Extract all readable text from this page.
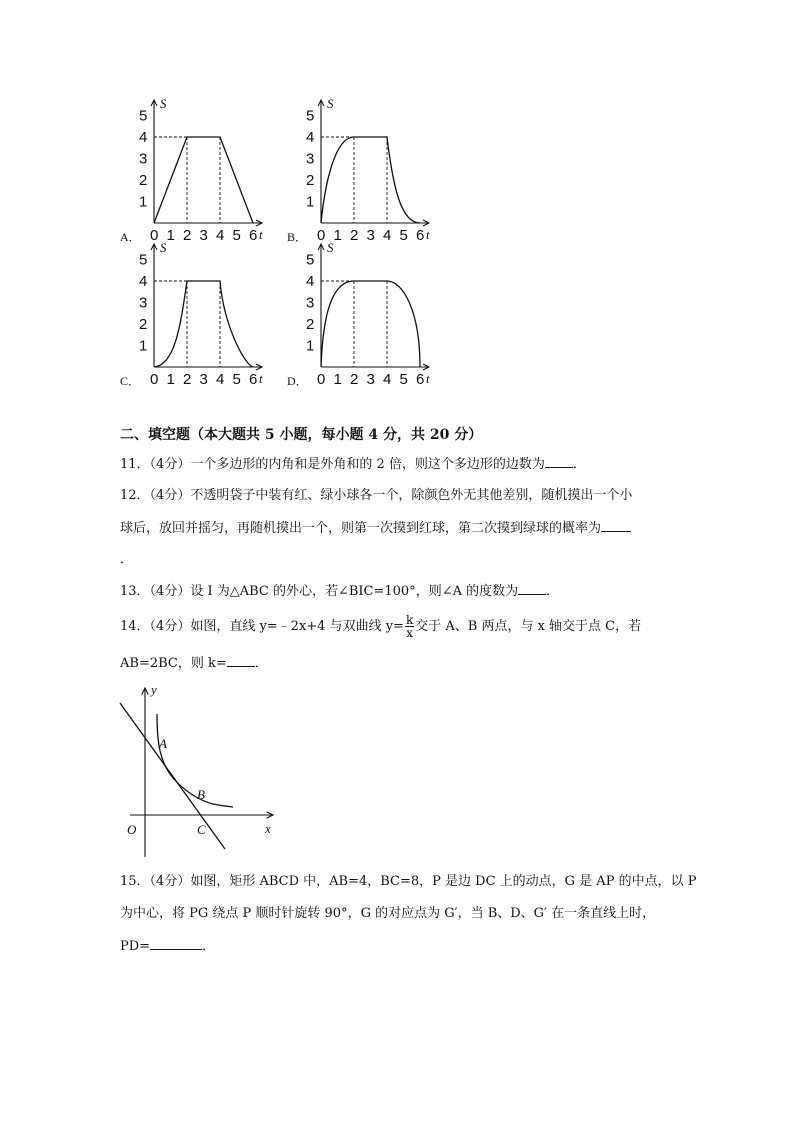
A．	B．
C．	D．
S
t
1
2
3
4
5
0 1 2 3 4 5 6
S
t
1
2
3
4
5
0 1 2 3 4 5 6
S
t
1
2
3
4
5
0 1 2 3 4 5 6
S
t
1
2
3
4
5
0 1 2 3 4 5 6
二、填空题（本大题共 5 小题，每小题 4 分，共 20 分）
11．（4分）一个多边形的内角和是外角和的 2 倍，则这个多边形的边数为 ．
12．（4分）不透明袋子中装有红、绿小球各一个，除颜色外无其他差别，随机摸出一个小
球后，放回并摇匀，再随机摸出一个，则第一次摸到红球，第二次摸到绿球的概率为
．
13．（4分）设 I 为△ABC 的外心，若∠BIC=100°，则∠A 的度数为 ．
14．（4分）如图，直线 y=﹣2x+4 与双曲线 $y= \frac{k}{x}$ 交于 A、B 两点，与 x 轴交于点 C，若
AB=2BC，则 k= ．
y
x
O
A
B
C
15．（4分）如图，矩形 ABCD 中，AB=4，BC=8，P 是边 DC 上的动点，G 是 AP 的中点，以 P
为中心，将 PG 绕点 P 顺时针旋转 90°，G 的对应点为 G′，当 B、D、G′ 在一条直线上时，
PD=	．
